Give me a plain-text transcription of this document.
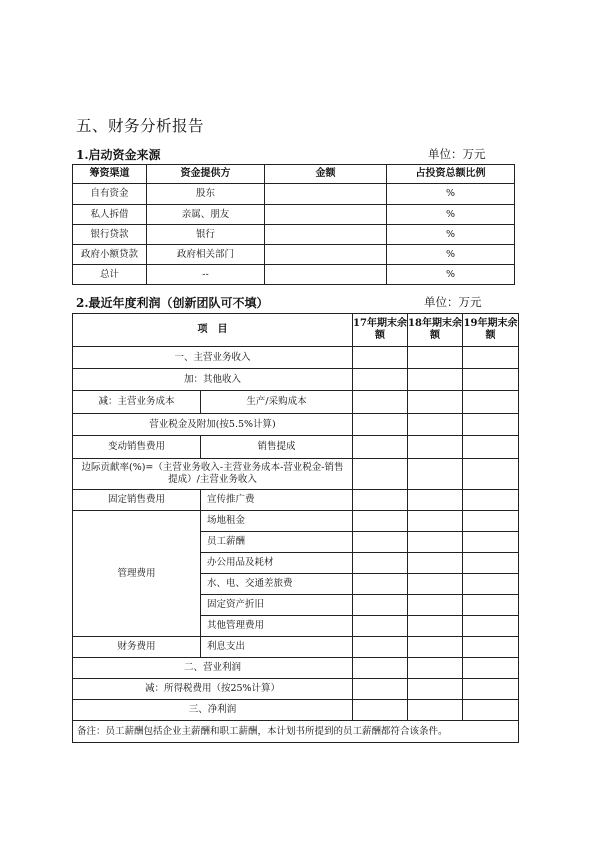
五、财务分析报告
1.启动资金来源	单位：万元
筹资渠道	资金提供方	金额	占投资总额比例
自有资金	股东		%
私人拆借	亲属、朋友		%
银行贷款	银行		%
政府小额贷款	政府相关部门		%
总计	--		%
2.最近年度利润（创新团队可不填）	单位：万元
项　目		17年期末余额	18年期末余额	19年期末余额
一、主营业务收入				
加：其他收入				
减：主营业务成本	生产/采购成本			
营业税金及附加(按5.5%计算)				
变动销售费用	销售提成			
边际贡献率(%)=（主营业务收入-主营业务成本-营业税金-销售提成）/主营业务收入				
固定销售费用	宣传推广费			
管理费用	场地租金			
	员工薪酬			
	办公用品及耗材			
	水、电、交通差旅费			
	固定资产折旧			
	其他管理费用			
财务费用	利息支出			
二、营业利润				
减：所得税费用（按25%计算）				
三、净利润				
备注：员工薪酬包括企业主薪酬和职工薪酬，本计划书所提到的员工薪酬都符合该条件。				
